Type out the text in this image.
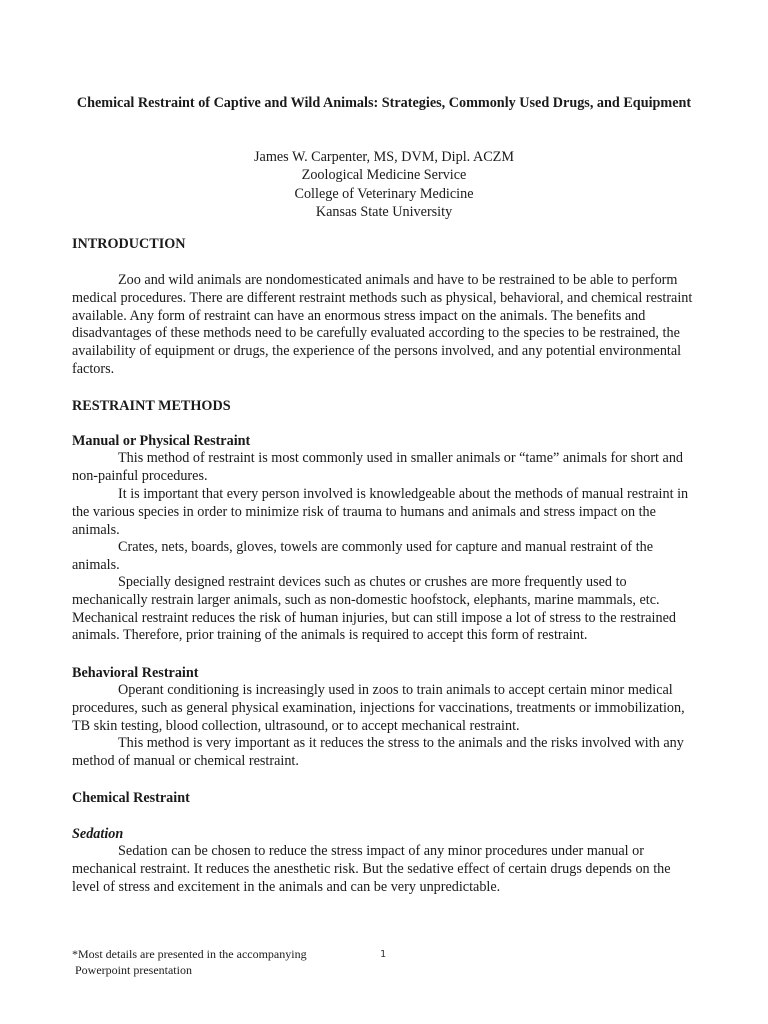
Chemical Restraint of Captive and Wild Animals: Strategies, Commonly Used Drugs, and Equipment
James W. Carpenter, MS, DVM, Dipl. ACZM
Zoological Medicine Service
College of Veterinary Medicine
Kansas State University
INTRODUCTION

Zoo and wild animals are nondomesticated animals and have to be restrained to be able to perform medical procedures. There are different restraint methods such as physical, behavioral, and chemical restraint available. Any form of restraint can have an enormous stress impact on the animals. The benefits and disadvantages of these methods need to be carefully evaluated according to the species to be restrained, the availability of equipment or drugs, the experience of the persons involved, and any potential environmental factors.

RESTRAINT METHODS
Manual or Physical Restraint

This method of restraint is most commonly used in smaller animals or “tame” animals for short and non-painful procedures.

It is important that every person involved is knowledgeable about the methods of manual restraint in the various species in order to minimize risk of trauma to humans and animals and stress impact on the animals.

Crates, nets, boards, gloves, towels are commonly used for capture and manual restraint of the animals.

Specially designed restraint devices such as chutes or crushes are more frequently used to mechanically restrain larger animals, such as non-domestic hoofstock, elephants, marine mammals, etc. Mechanical restraint reduces the risk of human injuries, but can still impose a lot of stress to the restrained animals. Therefore, prior training of the animals is required to accept this form of restraint.

Behavioral Restraint

Operant conditioning is increasingly used in zoos to train animals to accept certain minor medical procedures, such as general physical examination, injections for vaccinations, treatments or immobilization, TB skin testing, blood collection, ultrasound, or to accept mechanical restraint.

This method is very important as it reduces the stress to the animals and the risks involved with any method of manual or chemical restraint.

Chemical Restraint
Sedation

Sedation can be chosen to reduce the stress impact of any minor procedures under manual or mechanical restraint. It reduces the anesthetic risk. But the sedative effect of certain drugs depends on the level of stress and excitement in the animals and can be very unpredictable.

*Most details are presented in the accompanying
Powerpoint presentation
1
